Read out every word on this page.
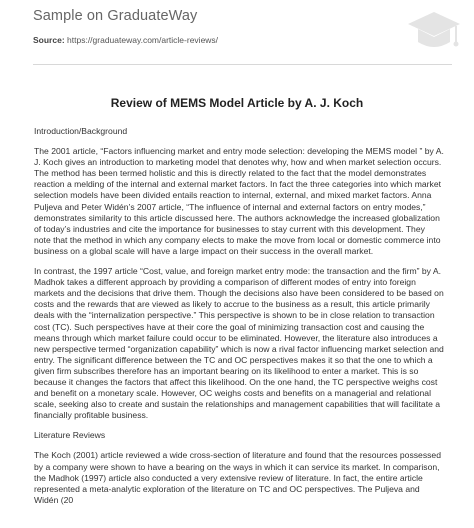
Sample on GraduateWay
Source: https://graduateway.com/article-reviews/
Review of MEMS Model Article by A. J. Koch

Introduction/Background

The 2001 article, “Factors influencing market and entry mode selection: developing the MEMS model ” by A. J. Koch gives an introduction to marketing model that denotes why, how and when market selection occurs. The method has been termed holistic and this is directly related to the fact that the model demonstrates reaction a melding of the internal and external market factors. In fact the three categories into which market selection models have been divided entails reaction to internal, external, and mixed market factors. Anna Puljeva and Peter Widén’s 2007 article, “The influence of internal and external factors on entry modes,” demonstrates similarity to this article discussed here. The authors acknowledge the increased globalization of today’s industries and cite the importance for businesses to stay current with this development. They note that the method in which any company elects to make the move from local or domestic commerce into business on a global scale will have a large impact on their success in the overall market.

In contrast, the 1997 article “Cost, value, and foreign market entry mode: the transaction and the firm” by A. Madhok takes a different approach by providing a comparison of different modes of entry into foreign markets and the decisions that drive them. Though the decisions also have been considered to be based on costs and the rewards that are viewed as likely to accrue to the business as a result, this article primarily deals with the “internalization perspective.” This perspective is shown to be in close relation to transaction cost (TC). Such perspectives have at their core the goal of minimizing transaction cost and causing the means through which market failure could occur to be eliminated. However, the literature also introduces a new perspective termed “organization capability” which is now a rival factor influencing market selection and entry. The significant difference between the TC and OC perspectives makes it so that the one to which a given firm subscribes therefore has an important bearing on its likelihood to enter a market. This is so because it changes the factors that affect this likelihood. On the one hand, the TC perspective weighs cost and benefit on a monetary scale. However, OC weighs costs and benefits on a managerial and relational scale, seeking also to create and sustain the relationships and management capabilities that will facilitate a financially profitable business.

Literature Reviews

The Koch (2001) article reviewed a wide cross-section of literature and found that the resources possessed by a company were shown to have a bearing on the ways in which it can service its market. In comparison, the Madhok (1997) article also conducted a very extensive review of literature. In fact, the entire article represented a meta-analytic exploration of the literature on TC and OC perspectives. The Puljeva and Widén (20
